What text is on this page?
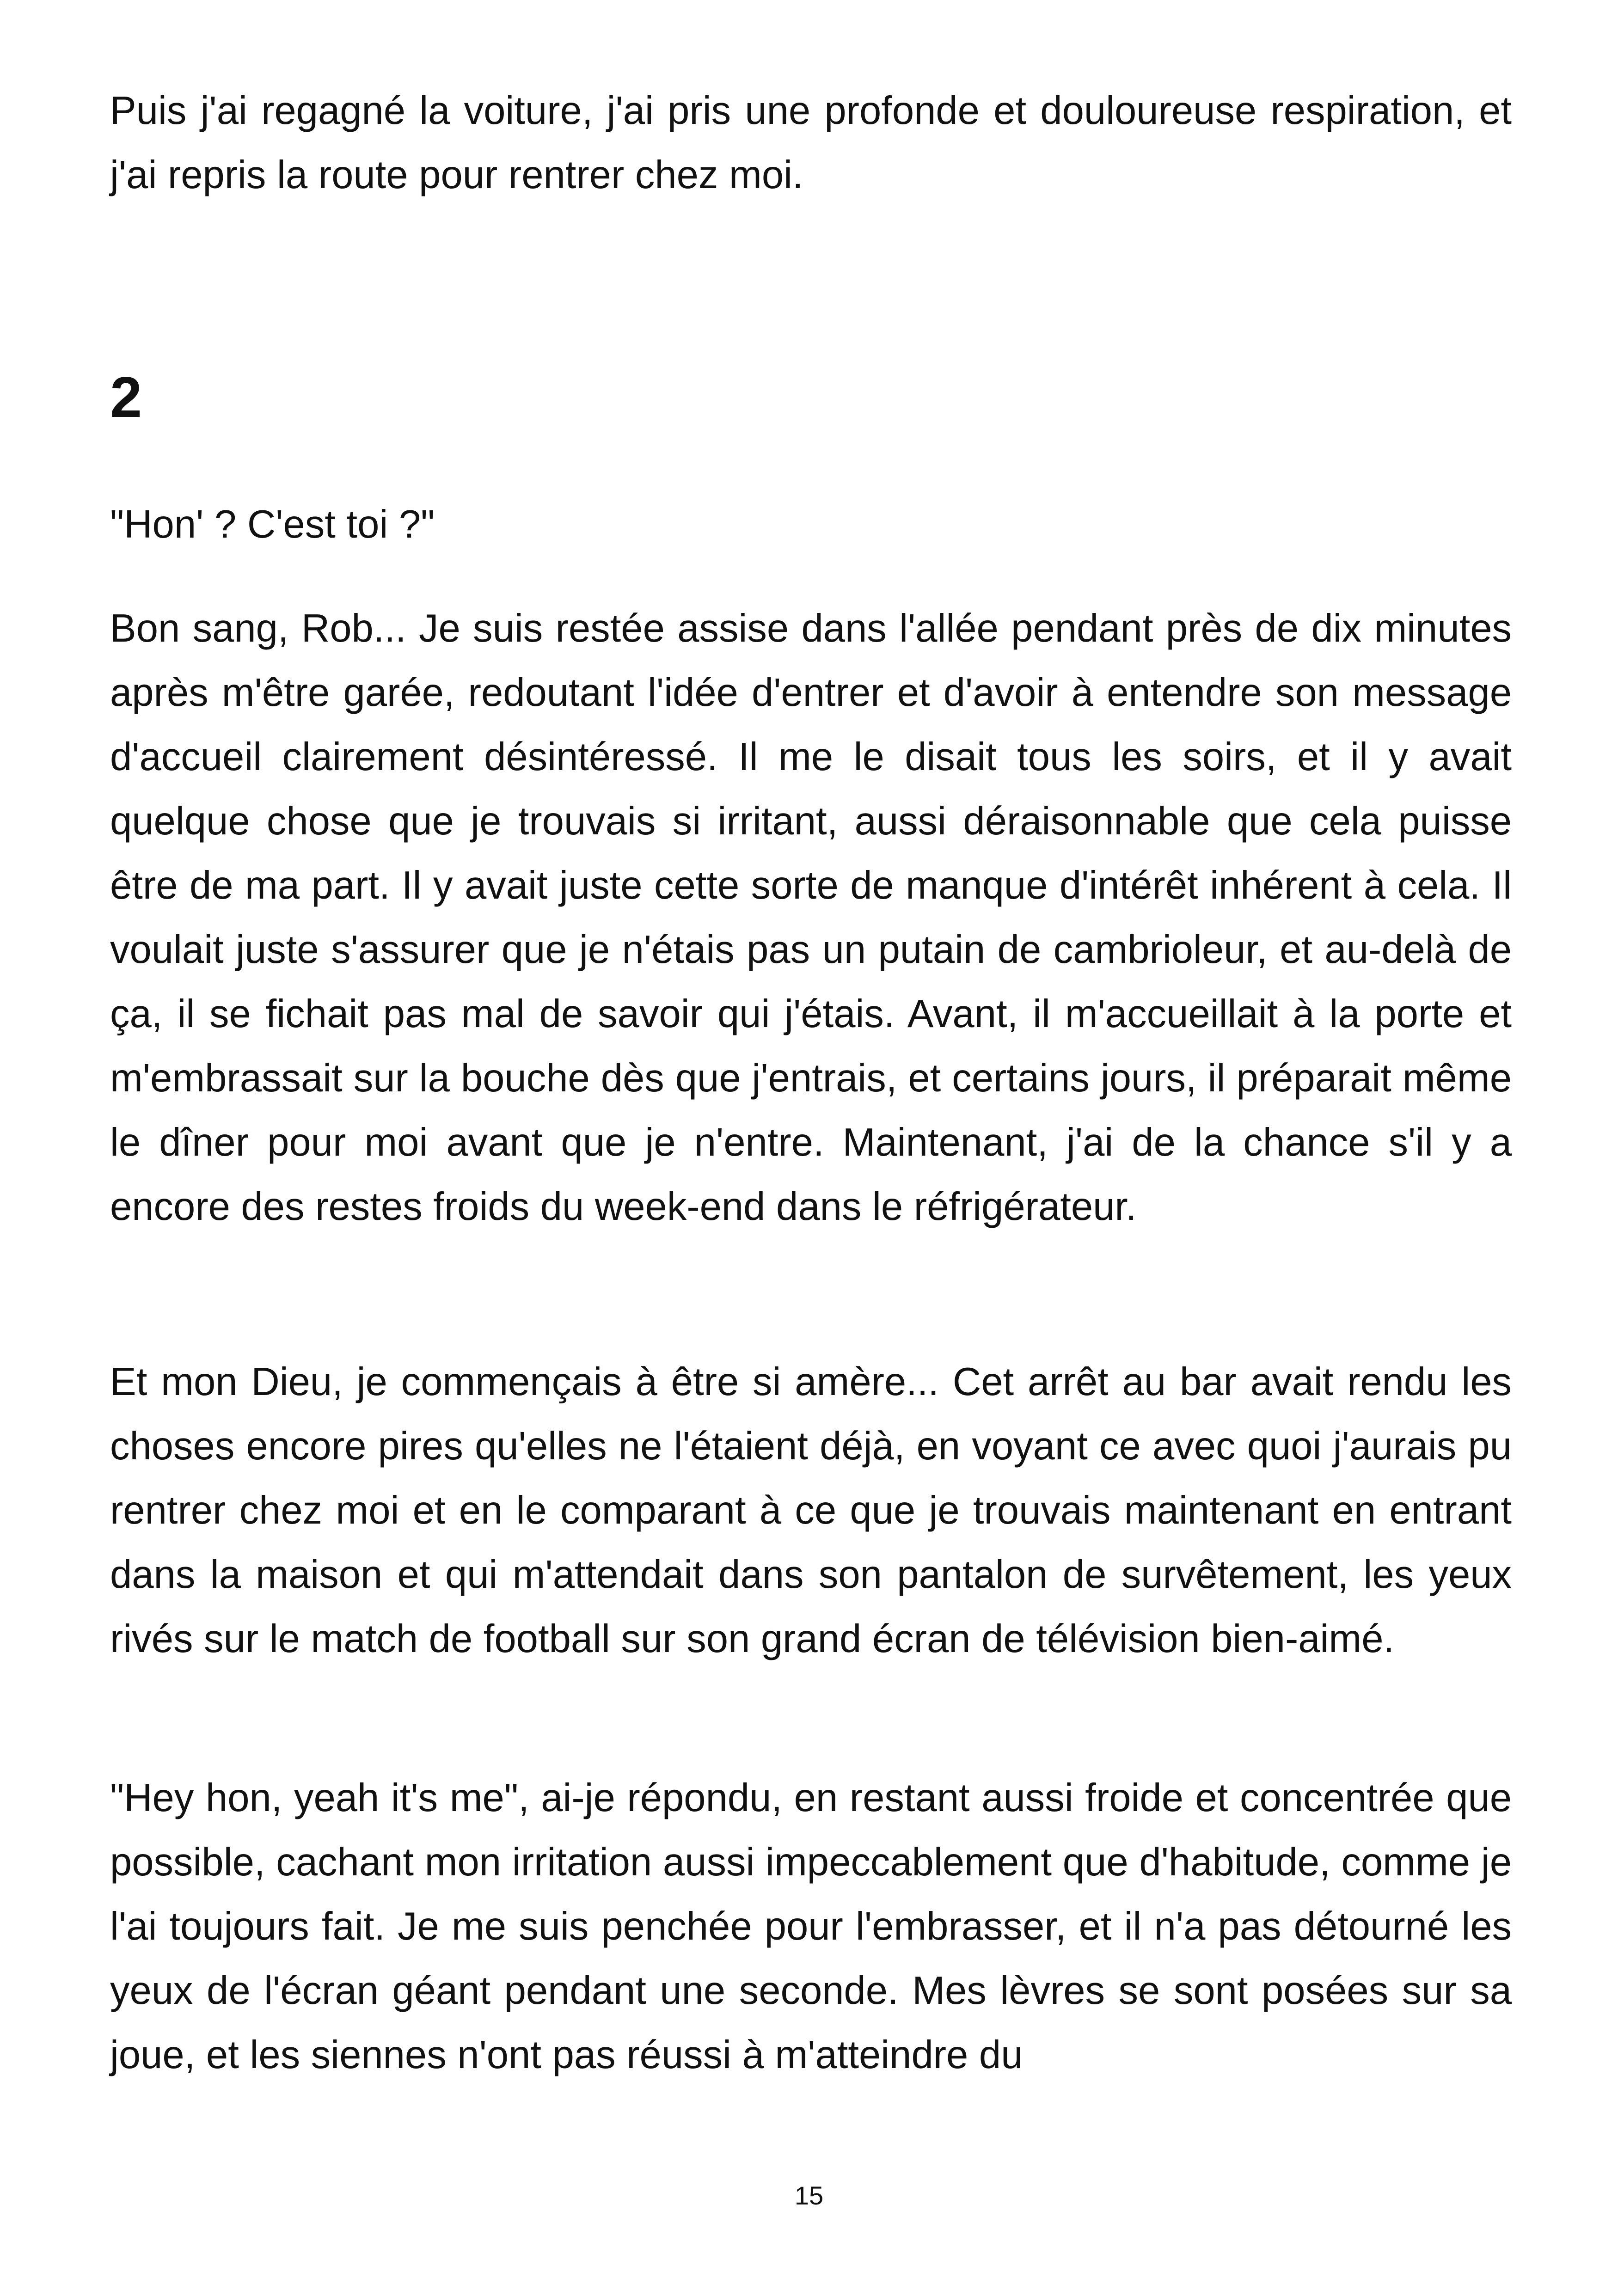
Puis j'ai regagné la voiture, j'ai pris une profonde et douloureuse respiration, et j'ai repris la route pour rentrer chez moi.

2

"Hon' ? C'est toi ?"

Bon sang, Rob... Je suis restée assise dans l'allée pendant près de dix minutes après m'être garée, redoutant l'idée d'entrer et d'avoir à entendre son message d'accueil clairement désintéressé. Il me le disait tous les soirs, et il y avait quelque chose que je trouvais si irritant, aussi déraisonnable que cela puisse être de ma part. Il y avait juste cette sorte de manque d'intérêt inhérent à cela. Il voulait juste s'assurer que je n'étais pas un putain de cambrioleur, et au-delà de ça, il se fichait pas mal de savoir qui j'étais. Avant, il m'accueillait à la porte et m'embrassait sur la bouche dès que j'entrais, et certains jours, il préparait même le dîner pour moi avant que je n'entre. Maintenant, j'ai de la chance s'il y a encore des restes froids du week-end dans le réfrigérateur.

Et mon Dieu, je commençais à être si amère... Cet arrêt au bar avait rendu les choses encore pires qu'elles ne l'étaient déjà, en voyant ce avec quoi j'aurais pu rentrer chez moi et en le comparant à ce que je trouvais maintenant en entrant dans la maison et qui m'attendait dans son pantalon de survêtement, les yeux rivés sur le match de football sur son grand écran de télévision bien-aimé.

"Hey hon, yeah it's me", ai-je répondu, en restant aussi froide et concentrée que possible, cachant mon irritation aussi impeccablement que d'habitude, comme je l'ai toujours fait. Je me suis penchée pour l'embrasser, et il n'a pas détourné les yeux de l'écran géant pendant une seconde. Mes lèvres se sont posées sur sa joue, et les siennes n'ont pas réussi à m'atteindre du

15
